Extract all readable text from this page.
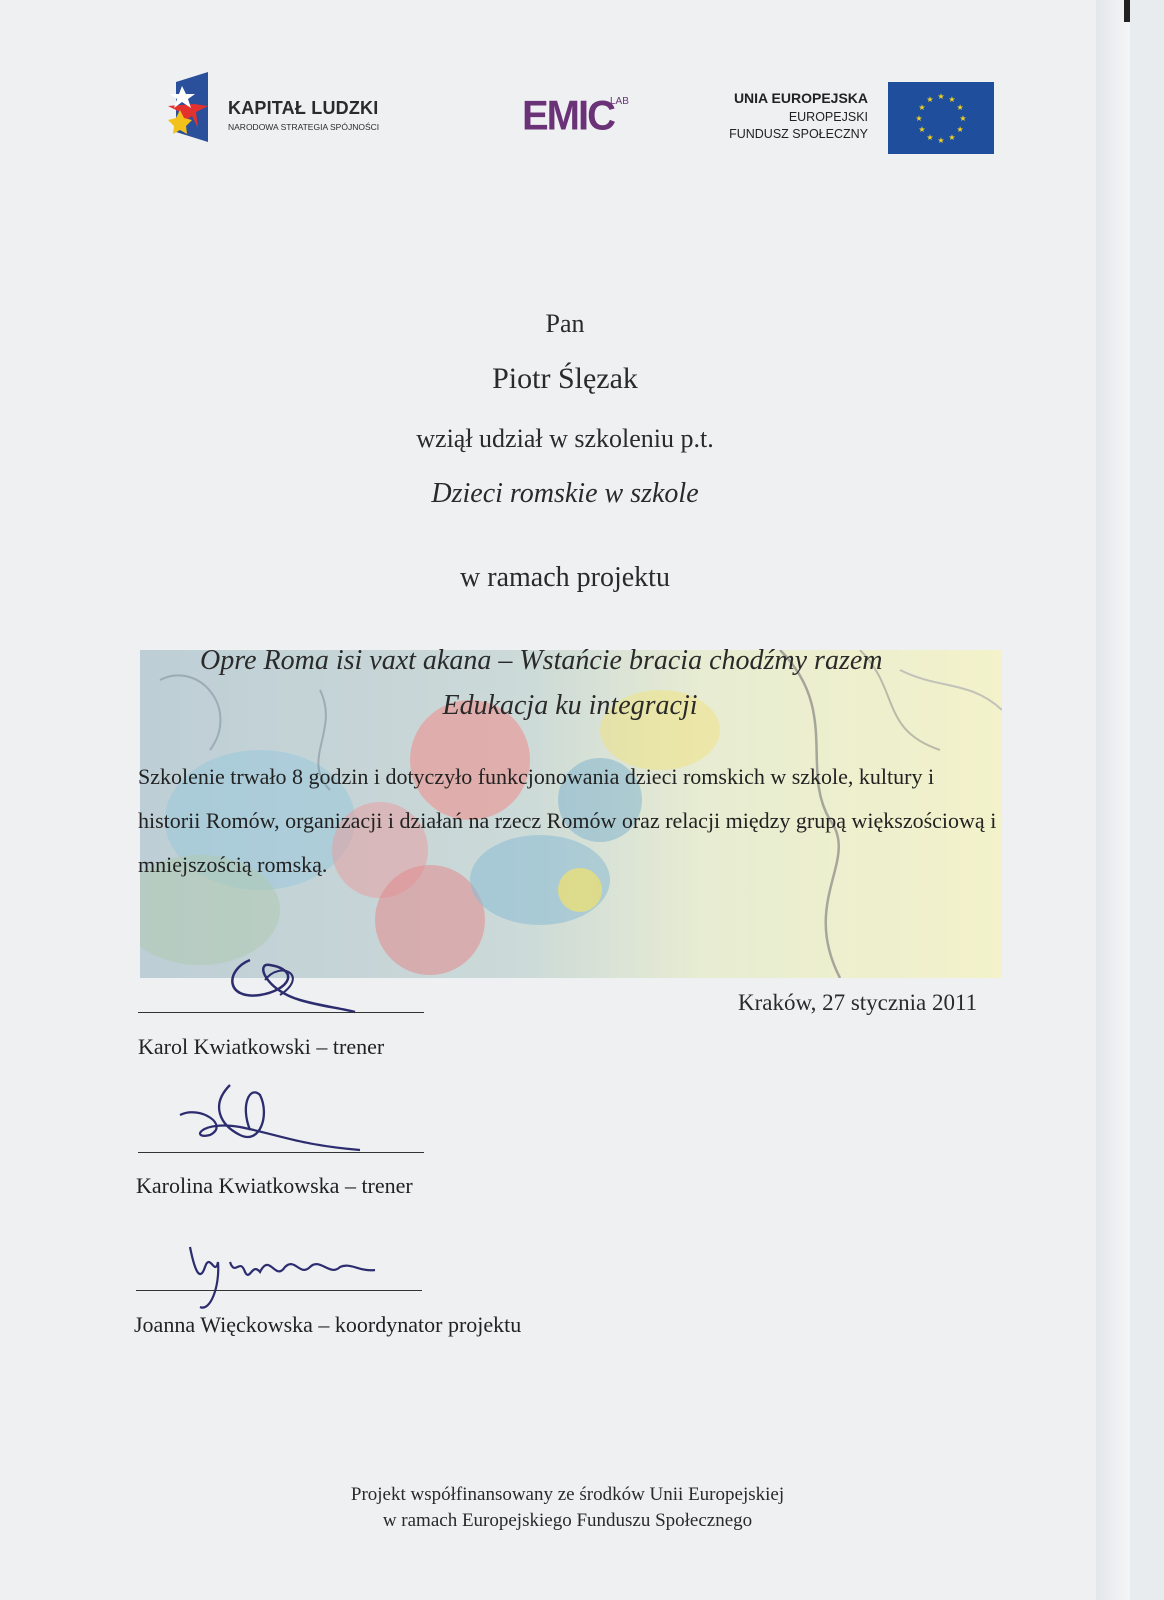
KAPITAŁ LUDZKI
NARODOWA STRATEGIA SPÓJNOŚCI	EMIC
LAB	UNIA EUROPEJSKA
EUROPEJSKI
FUNDUSZ SPOŁECZNY
★ ★
★
★
★
★
★
★
★
★
★
★
Pan
Piotr Ślęzak
wziął udział w szkoleniu p.t.
Dzieci romskie w szkole
w ramach projektu
Opre Roma isi vaxt akana – Wstańcie bracia chodźmy razem
Edukacja ku integracji
Szkolenie trwało 8 godzin i dotyczyło funkcjonowania dzieci romskich w szkole, kultury i historii Romów, organizacji i działań na rzecz Romów oraz relacji między grupą większościową i mniejszością romską.
Kraków, 27 stycznia 2011
Karol Kwiatkowski – trener
Karolina Kwiatkowska – trener
Joanna Więckowska – koordynator projektu
Projekt współfinansowany ze środków Unii Europejskiej
w ramach Europejskiego Funduszu Społecznego
